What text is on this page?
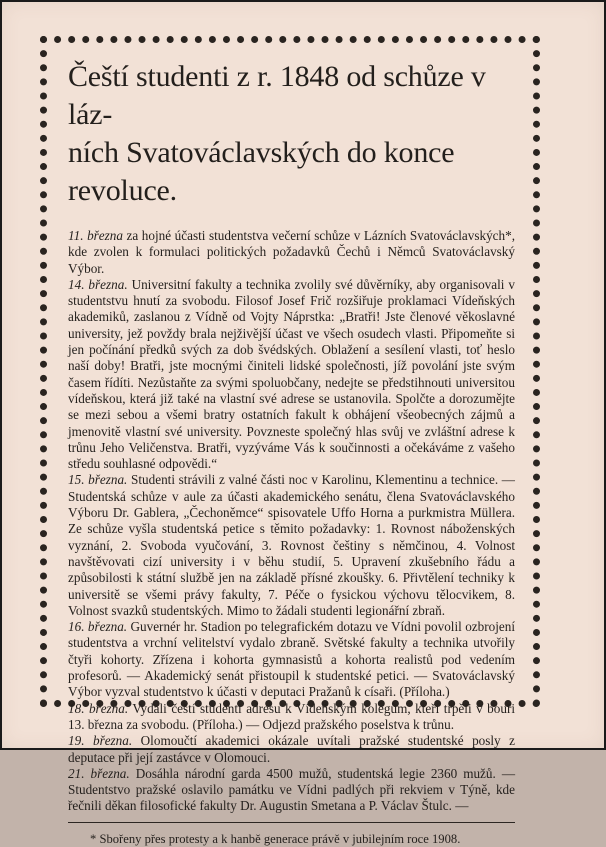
Čeští studenti z r. 1848 od schůze v láz-
ních Svatováclavských do konce revoluce.

11. března za hojné účasti studentstva večerní schůze v Lázních Svatováclavských*, kde zvolen k formulaci politických požadavků Čechů i Němců Svatováclavský Výbor.

14. března. Universitní fakulty a technika zvolily své důvěrníky, aby organisovali v studentstvu hnutí za svobodu. Filosof Josef Frič rozšiřuje proklamaci Vídeňských akademiků, zaslanou z Vídně od Vojty Náprstka: „Bratři! Jste členové věkoslavné university, jež povždy brala nejživější účast ve všech osudech vlasti. Připomeňte si jen počínání předků svých za dob švédských. Oblažení a sesílení vlasti, toť heslo naší doby! Bratři, jste mocnými činiteli lidské společnosti, jíž povolání jste svým časem řídíti. Nezůstaňte za svými spoluobčany, nedejte se předstihnouti universitou vídeňskou, která již také na vlastní své adrese se ustanovila. Spolčte a dorozumějte se mezi sebou a všemi bratry ostatních fakult k obhájení všeobecných zájmů a jmenovitě vlastní své university. Povzneste společný hlas svůj ve zvláštní adrese k trůnu Jeho Veličenstva. Bratři, vyzýváme Vás k součinnosti a očekáváme z vašeho středu souhlasné odpovědi.“

15. března. Studenti strávili z valné části noc v Karolinu, Klementinu a technice. — Studentská schůze v aule za účasti akademického senátu, člena Svatováclavského Výboru Dr. Gablera, „Čechoněmce“ spisovatele Uffo Horna a purkmistra Müllera. Ze schůze vyšla studentská petice s těmito požadavky: 1. Rovnost náboženských vyznání, 2. Svoboda vyučování, 3. Rovnost češtiny s němčinou, 4. Volnost navštěvovati cizí university i v běhu studií, 5. Upravení zkušebního řádu a způsobilosti k státní službě jen na základě přísné zkoušky. 6. Přivtělení techniky k universitě se všemi právy fakulty, 7. Péče o fysickou výchovu tělocvikem, 8. Volnost svazků studentských. Mimo to žádali studenti legionářní zbraň.

16. března. Guvernér hr. Stadion po telegrafickém dotazu ve Vídni povolil ozbrojení studentstva a vrchní velitelství vydalo zbraně. Světské fakulty a technika utvořily čtyři kohorty. Zřízena i kohorta gymnasistů a kohorta realistů pod vedením profesorů. — Akademický senát přistoupil k studentské petici. — Svatováclavský Výbor vyzval studentstvo k účasti v deputaci Pražanů k císaři. (Příloha.)

18. března. Vydali čeští studenti adresu k Vídeňským kolegům, kteří trpěli v bouři 13. března za svobodu. (Příloha.) — Odjezd pražského poselstva k trůnu.

19. března. Olomoučtí akademici okázale uvítali pražské studentské posly z deputace při její zastávce v Olomouci.

21. března. Dosáhla národní garda 4500 mužů, studentská legie 2360 mužů. — Studentstvo pražské oslavilo památku ve Vídni padlých při rekviem v Týně, kde řečnili děkan filosofické fakulty Dr. Augustin Smetana a P. Václav Štulc. —

* Sbořeny přes protesty a k hanbě generace právě v jubilejním roce 1908.
